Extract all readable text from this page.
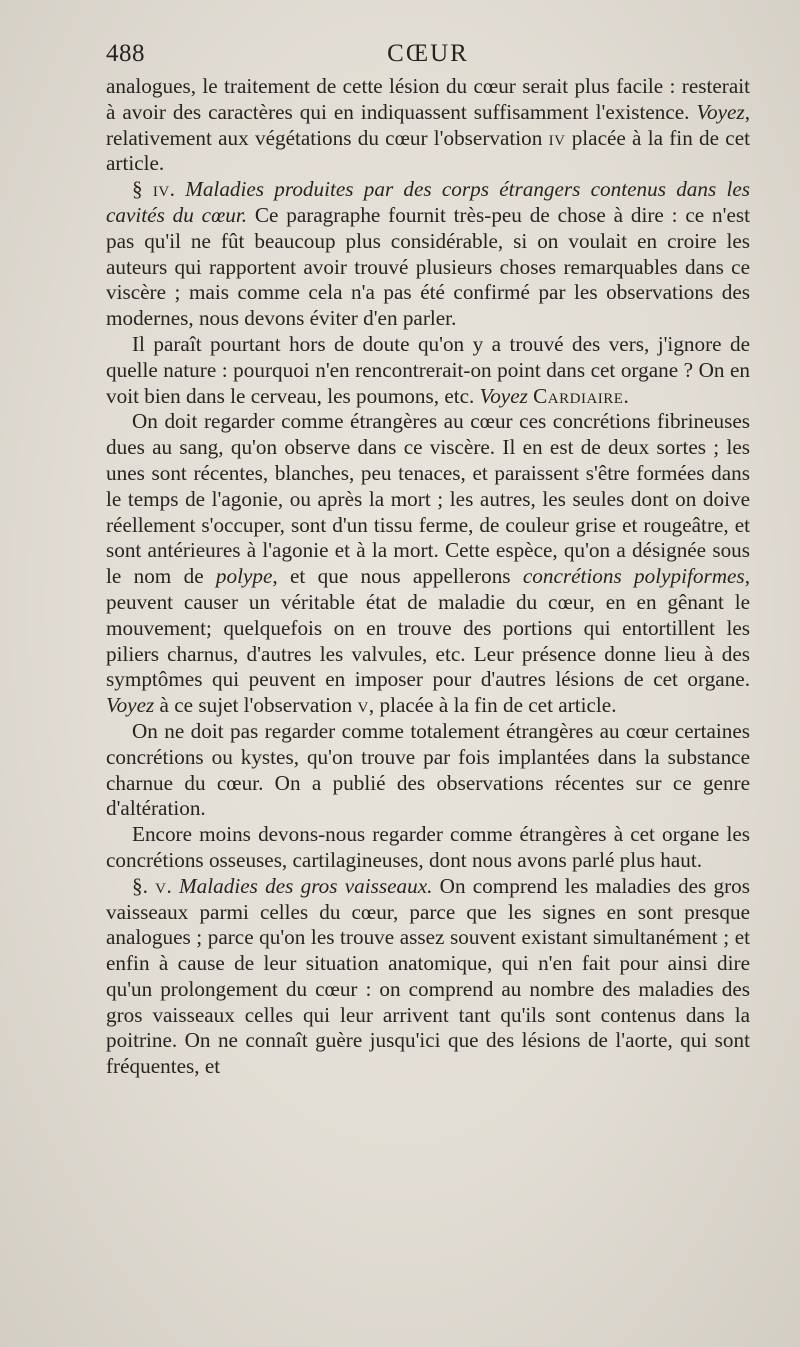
488	CŒUR

analogues, le traitement de cette lésion du cœur serait plus facile : resterait à avoir des caractères qui en indiquassent suffisamment l'existence. Voyez, relativement aux végétations du cœur l'observation iv placée à la fin de cet article.

§ iv. Maladies produites par des corps étrangers contenus dans les cavités du cœur. Ce paragraphe fournit très-peu de chose à dire : ce n'est pas qu'il ne fût beaucoup plus considérable, si on voulait en croire les auteurs qui rapportent avoir trouvé plusieurs choses remarquables dans ce viscère ; mais comme cela n'a pas été confirmé par les observations des modernes, nous devons éviter d'en parler.

Il paraît pourtant hors de doute qu'on y a trouvé des vers, j'ignore de quelle nature : pourquoi n'en rencontrerait-on point dans cet organe ? On en voit bien dans le cerveau, les poumons, etc. Voyez Cardiaire.

On doit regarder comme étrangères au cœur ces concrétions fibrineuses dues au sang, qu'on observe dans ce viscère. Il en est de deux sortes ; les unes sont récentes, blanches, peu tenaces, et paraissent s'être formées dans le temps de l'agonie, ou après la mort ; les autres, les seules dont on doive réellement s'occuper, sont d'un tissu ferme, de couleur grise et rougeâtre, et sont antérieures à l'agonie et à la mort. Cette espèce, qu'on a désignée sous le nom de polype, et que nous appellerons concrétions polypiformes, peuvent causer un véritable état de maladie du cœur, en en gênant le mouvement; quelquefois on en trouve des portions qui entortillent les piliers charnus, d'autres les valvules, etc. Leur présence donne lieu à des symptômes qui peuvent en imposer pour d'autres lésions de cet organe. Voyez à ce sujet l'observation v, placée à la fin de cet article.

On ne doit pas regarder comme totalement étrangères au cœur certaines concrétions ou kystes, qu'on trouve par fois implantées dans la substance charnue du cœur. On a publié des observations récentes sur ce genre d'altération.

Encore moins devons-nous regarder comme étrangères à cet organe les concrétions osseuses, cartilagineuses, dont nous avons parlé plus haut.

§. v. Maladies des gros vaisseaux. On comprend les maladies des gros vaisseaux parmi celles du cœur, parce que les signes en sont presque analogues ; parce qu'on les trouve assez souvent existant simultanément ; et enfin à cause de leur situation anatomique, qui n'en fait pour ainsi dire qu'un prolongement du cœur : on comprend au nombre des maladies des gros vaisseaux celles qui leur arrivent tant qu'ils sont contenus dans la poitrine. On ne connaît guère jusqu'ici que des lésions de l'aorte, qui sont fréquentes, et
